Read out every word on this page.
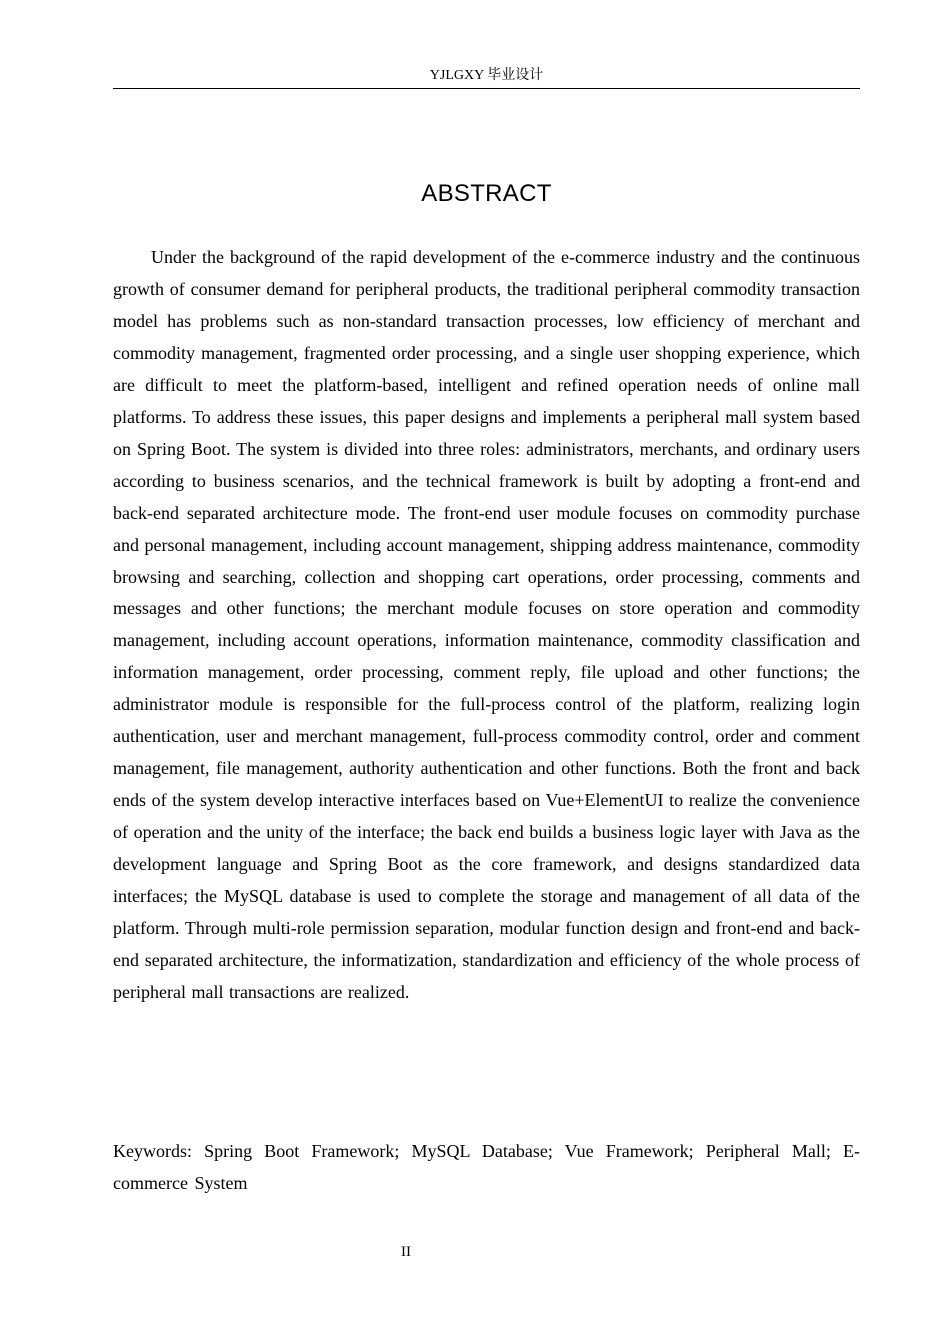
YJLGXY 毕业设计
ABSTRACT

Under the background of the rapid development of the e-commerce industry and the continuous growth of consumer demand for peripheral products, the traditional peripheral commodity transaction model has problems such as non-standard transaction processes, low efficiency of merchant and commodity management, fragmented order processing, and a single user shopping experience, which are difficult to meet the platform-based, intelligent and refined operation needs of online mall platforms. To address these issues, this paper designs and implements a peripheral mall system based on Spring Boot. The system is divided into three roles: administrators, merchants, and ordinary users according to business scenarios, and the technical framework is built by adopting a front-end and back-end separated architecture mode. The front-end user module focuses on commodity purchase and personal management, including account management, shipping address maintenance, commodity browsing and searching, collection and shopping cart operations, order processing, comments and messages and other functions; the merchant module focuses on store operation and commodity management, including account operations, information maintenance, commodity classification and information management, order processing, comment reply, file upload and other functions; the administrator module is responsible for the full-process control of the platform, realizing login authentication, user and merchant management, full-process commodity control, order and comment management, file management, authority authentication and other functions. Both the front and back ends of the system develop interactive interfaces based on Vue+ElementUI to realize the convenience of operation and the unity of the interface; the back end builds a business logic layer with Java as the development language and Spring Boot as the core framework, and designs standardized data interfaces; the MySQL database is used to complete the storage and management of all data of the platform. Through multi-role permission separation, modular function design and front-end and back-end separated architecture, the informatization, standardization and efficiency of the whole process of peripheral mall transactions are realized.

Keywords: Spring Boot Framework; MySQL Database; Vue Framework; Peripheral Mall; E-commerce System

II
